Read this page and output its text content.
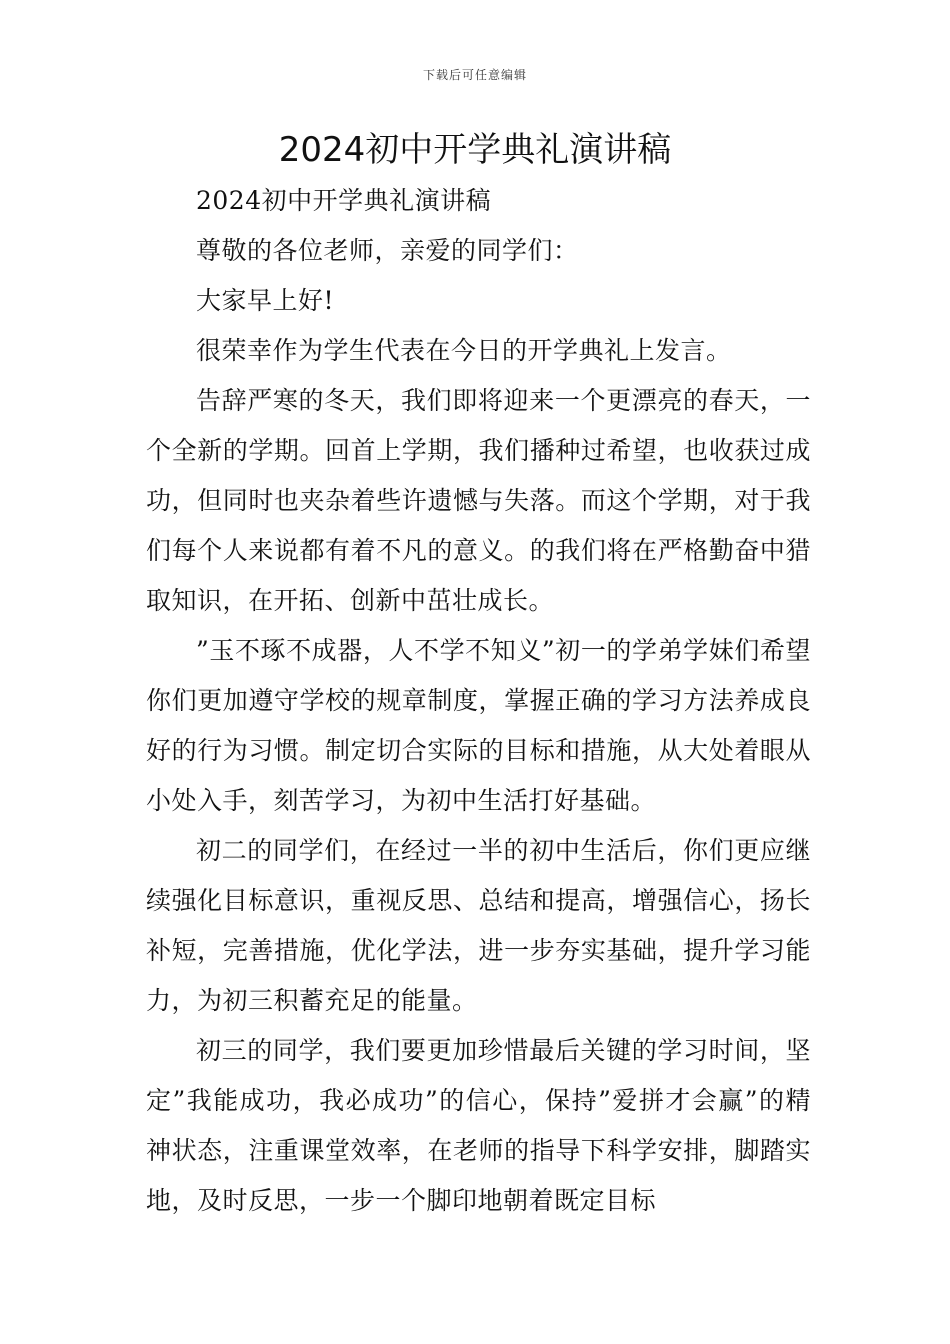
下载后可任意编辑
2024初中开学典礼演讲稿

2024初中开学典礼演讲稿

尊敬的各位老师，亲爱的同学们：

大家早上好!

很荣幸作为学生代表在今日的开学典礼上发言。

告辞严寒的冬天，我们即将迎来一个更漂亮的春天，一个全新的学期。回首上学期，我们播种过希望，也收获过成功，但同时也夹杂着些许遗憾与失落。而这个学期，对于我们每个人来说都有着不凡的意义。的我们将在严格勤奋中猎取知识，在开拓、创新中茁壮成长。

”玉不琢不成器，人不学不知义”初一的学弟学妹们希望你们更加遵守学校的规章制度，掌握正确的学习方法养成良好的行为习惯。制定切合实际的目标和措施，从大处着眼从小处入手，刻苦学习，为初中生活打好基础。

初二的同学们，在经过一半的初中生活后，你们更应继续强化目标意识，重视反思、总结和提高，增强信心，扬长补短，完善措施，优化学法，进一步夯实基础，提升学习能力，为初三积蓄充足的能量。

初三的同学，我们要更加珍惜最后关键的学习时间，坚定”我能成功，我必成功”的信心，保持”爱拼才会赢”的精神状态，注重课堂效率，在老师的指导下科学安排，脚踏实地，及时反思，一步一个脚印地朝着既定目标
